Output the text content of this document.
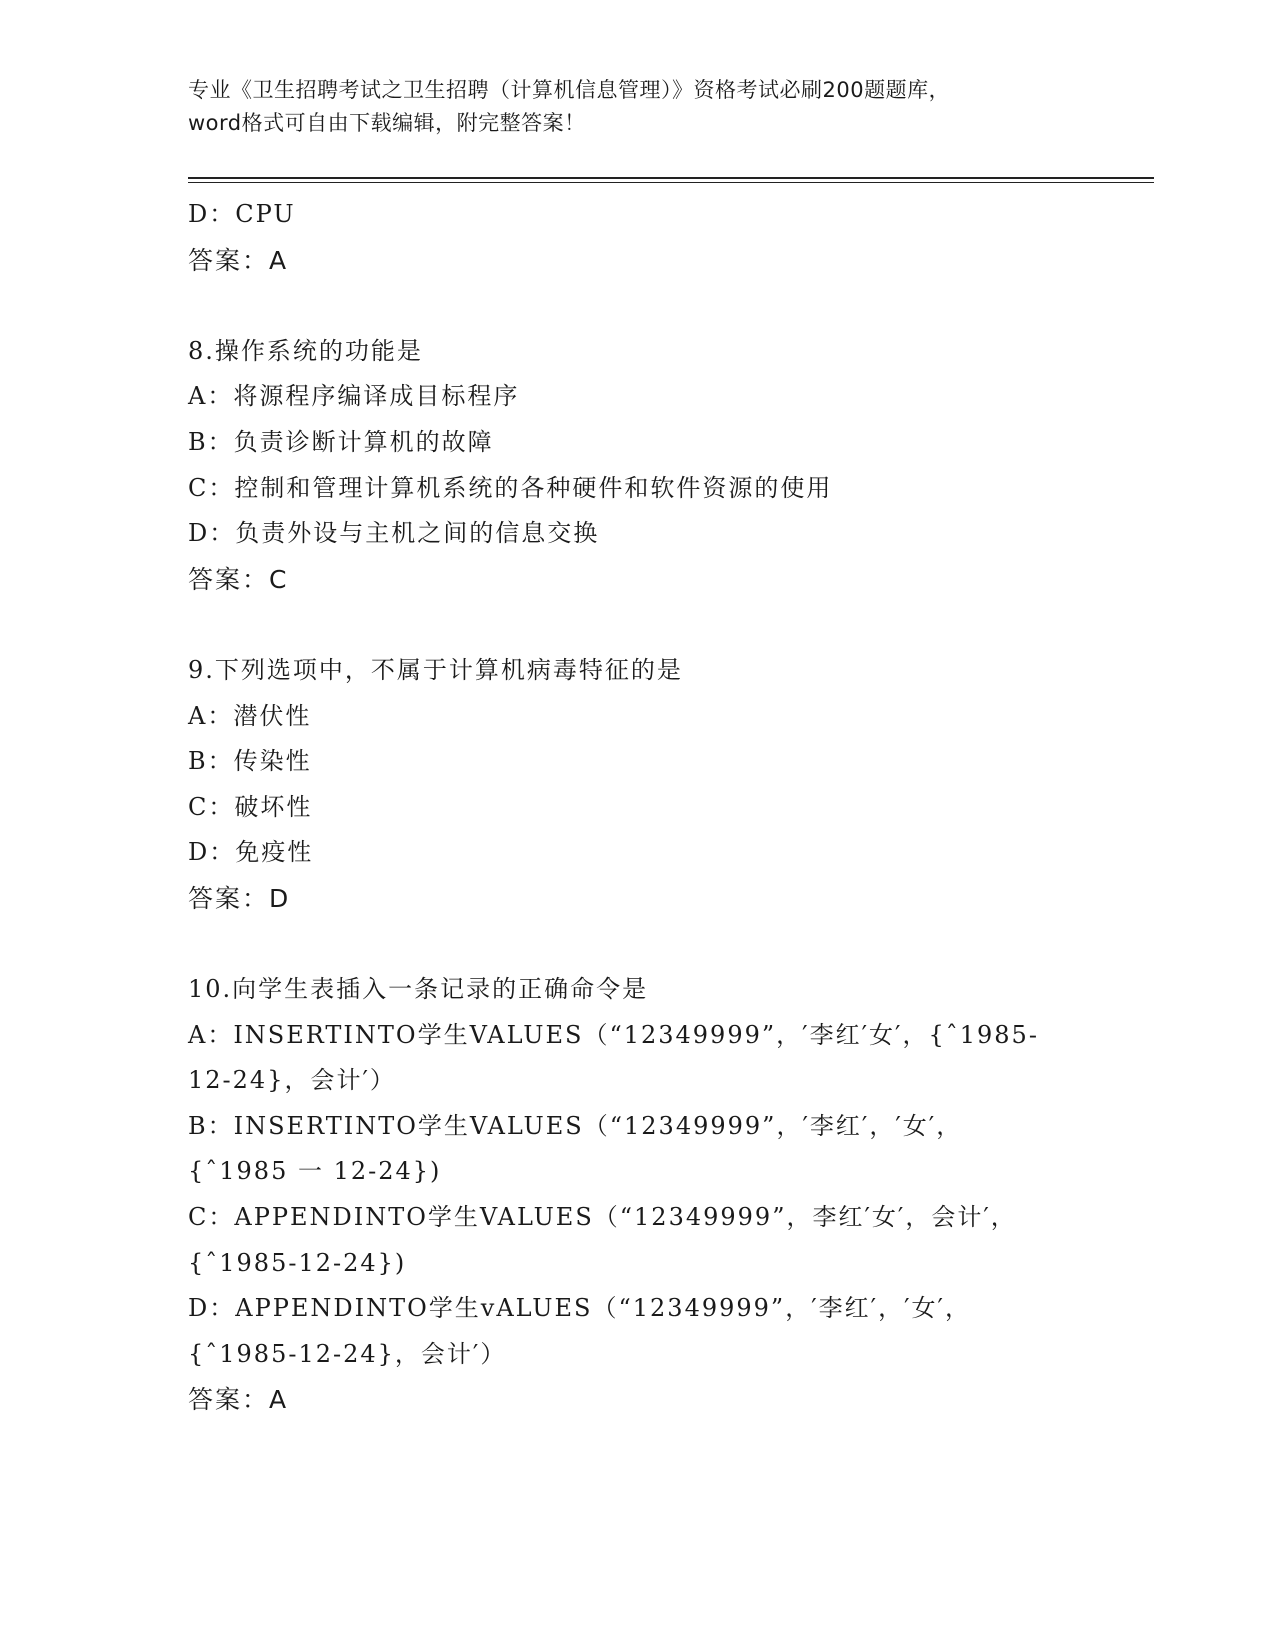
专业《卫生招聘考试之卫生招聘（计算机信息管理）》资格考试必刷200题题库，
word格式可自由下载编辑，附完整答案！
D：CPU
答案：A
8.操作系统的功能是
A：将源程序编译成目标程序
B：负责诊断计算机的故障
C：控制和管理计算机系统的各种硬件和软件资源的使用
D：负责外设与主机之间的信息交换
答案：C
9.下列选项中，不属于计算机病毒特征的是
A：潜伏性
B：传染性
C：破坏性
D：免疫性
答案：D
10.向学生表插入一条记录的正确命令是
A：INSERTINTO学生VALUES（“12349999”，′李红′女′，{ˆ1985-
12-24}，会计′）
B：INSERTINTO学生VALUES（“12349999”，′李红′，′女′，
{ˆ1985 一 12-24})
C：APPENDINTO学生VALUES（“12349999”，李红′女′，会计′，
{ˆ1985-12-24})
D：APPENDINTO学生vALUES（“12349999”，′李红′，′女′，
{ˆ1985-12-24}，会计′）
答案：A
